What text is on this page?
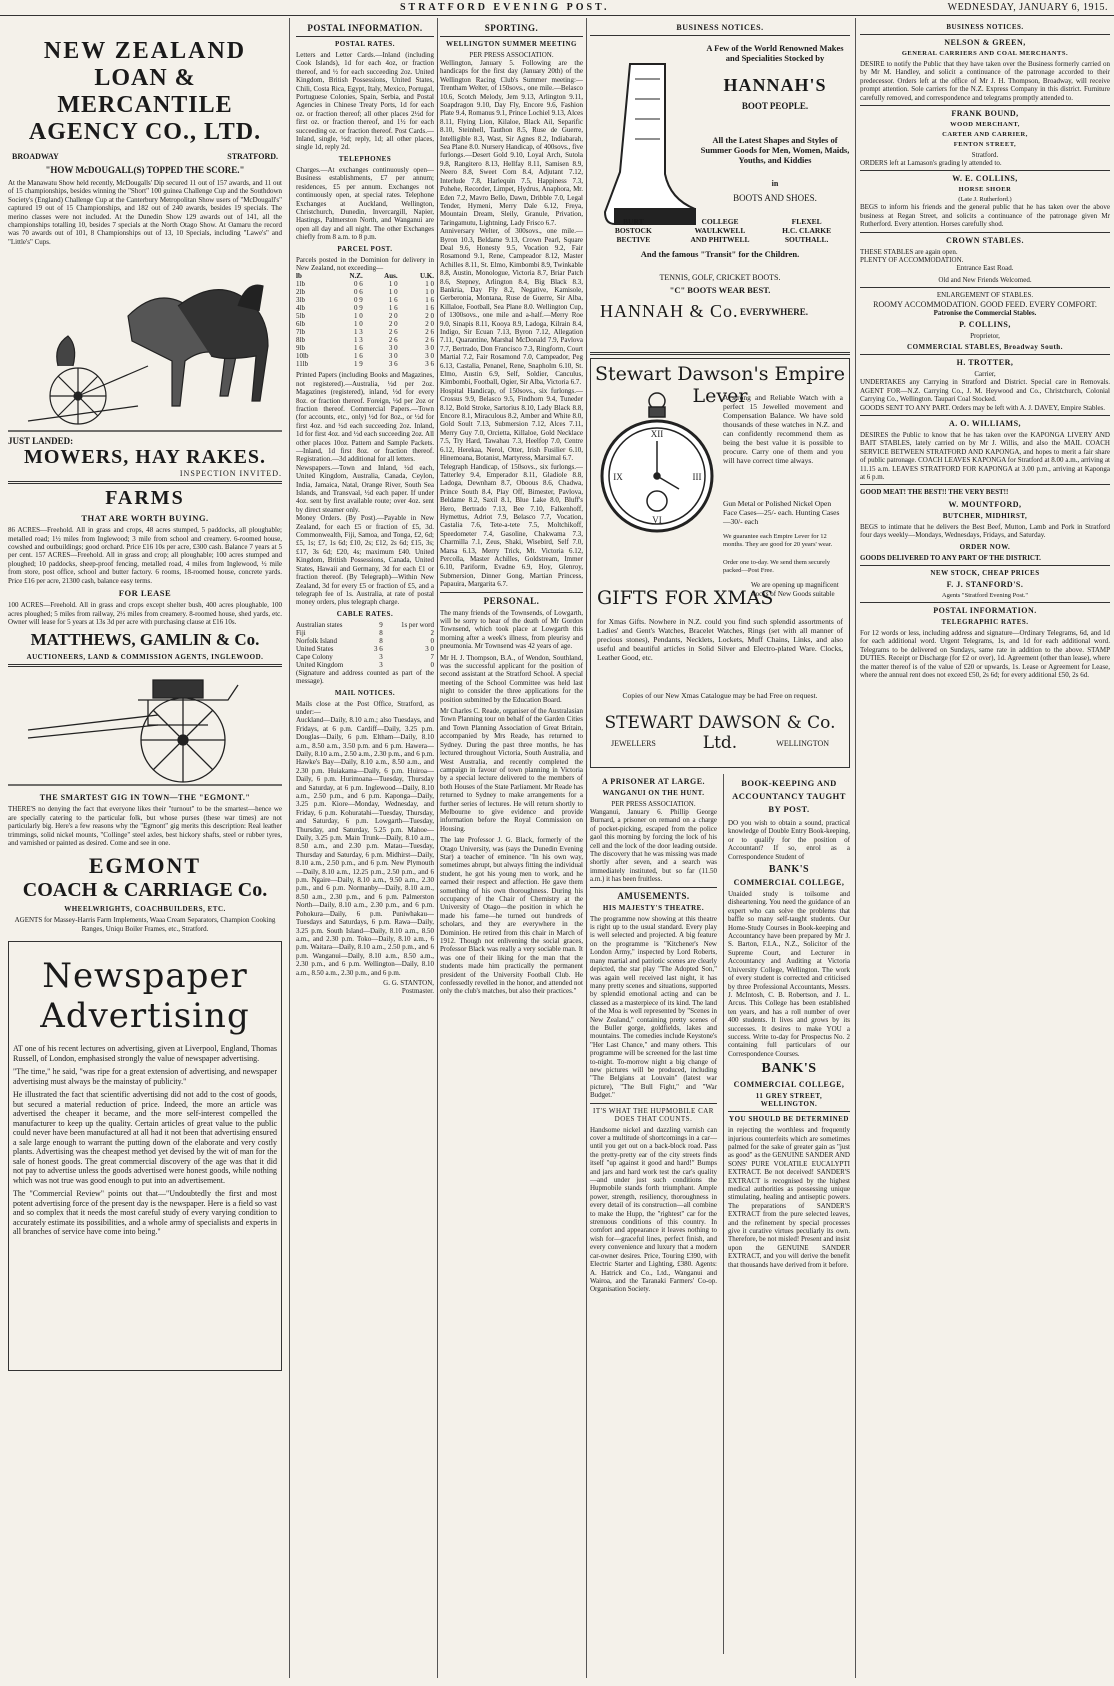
STRATFORD EVENING POST.	WEDNESDAY, JANUARY 6, 1915.
NEW ZEALAND
LOAN & MERCANTILE
AGENCY CO., LTD.
BROADWAY	STRATFORD.
"HOW McDOUGALL(S) TOPPED THE SCORE."
At the Manawatu Show held recently, McDougalls' Dip secured 11 out of 157 awards, and 11 out of 15 championships, besides winning the "Short" 100 guinea Challenge Cup and the Southdown Society's (England) Challenge Cup at the Canterbury Metropolitan Show users of "McDougall's" captured 19 out of 15 Championships, and 182 out of 240 awards, besides 19 specials. The merino classes were not included. At the Dunedin Show 129 awards out of 141, all the championships totalling 10, besides 7 specials at the North Otago Show. At Oamaru the record was 70 awards out of 101, 8 Championships out of 13, 10 Specials, including "Lawe's" and "Little's" Cups.
JUST LANDED:
MOWERS, HAY RAKES.
INSPECTION INVITED.
FARMS
THAT ARE WORTH BUYING.
86 ACRES—Freehold. All in grass and crops, 48 acres stumped, 5 paddocks, all ploughable; metalled road; 1½ miles from Inglewood; 3 mile from school and creamery. 6-roomed house, cowshed and outbuildings; good orchard. Price £16 10s per acre, £300 cash. Balance 7 years at 5 per cent. 157 ACRES—Freehold. All in grass and crop; all ploughable; 100 acres stumped and ploughed; 10 paddocks, sheep-proof fencing, metalled road, 4 miles from Inglewood, ½ mile from store, post office, school and butter factory. 6 rooms, 18-roomed house, concrete yards. Price £16 per acre, 21300 cash, balance easy terms.
FOR LEASE
100 ACRES—Freehold. All in grass and crops except shelter bush, 400 acres ploughable, 100 acres ploughed; 5 miles from railway, 2½ miles from creamery. 8-roomed house, shed yards, etc. Owner will lease for 5 years at 13s 3d per acre with purchasing clause at £16 10s.
MATTHEWS, GAMLIN & Co.
AUCTIONEERS, LAND & COMMISSION AGENTS, INGLEWOOD.
THE SMARTEST GIG IN TOWN—THE "EGMONT."
THERE'S no denying the fact that everyone likes their "turnout" to be the smartest—hence we are specially catering to the particular folk, but whose purses (these war times) are not particularly big. Here's a few reasons why the "Egmont" gig merits this description: Real leather trimmings, solid nickel mounts, "Collinge" steel axles, best hickory shafts, steel or rubber tyres, and varnished or painted as desired. Come and see in one.
EGMONT
COACH & CARRIAGE Co.
WHEELWRIGHTS, COACHBUILDERS, ETC.
AGENTS for Massey-Harris Farm Implements, Waaa Cream Separators, Champion Cooking Ranges, Uniqu Boiler Frames, etc., Stratford.
Newspaper
Advertising
AT one of his recent lectures on advertising, given at Liverpool, England, Thomas Russell, of London, emphasised strongly the value of newspaper advertising.
"The time," he said, "was ripe for a great extension of advertising, and newspaper advertising must always be the mainstay of publicity."
He illustrated the fact that scientific advertising did not add to the cost of goods, but secured a material reduction of price. Indeed, the more an article was advertised the cheaper it became, and the more self-interest compelled the manufacturer to keep up the quality. Certain articles of great value to the public could never have been manufactured at all had it not been that advertising ensured a sale large enough to warrant the putting down of the elaborate and very costly plants. Advertising was the cheapest method yet devised by the wit of man for the sale of honest goods. The great commercial discovery of the age was that it did not pay to advertise unless the goods advertised were honest goods, while nothing which was not true was good enough to put into an advertisement.
The "Commercial Review" points out that—"Undoubtedly the first and most potent advertising force of the present day is the newspaper. Here is a field so vast and so complex that it needs the most careful study of every varying condition to accurately estimate its possibilities, and a whole army of specialists and experts in all branches of service have come into being."
POSTAL INFORMATION.
POSTAL RATES.
Letters and Letter Cards.—Inland (including Cook Islands), 1d for each 4oz, or fraction thereof, and ½ for each succeeding 2oz. United Kingdom, British Possessions, United States, Chili, Costa Rica, Egypt, Italy, Mexico, Portugal, Portuguese Colonies, Spain, Serbia, and Postal Agencies in Chinese Treaty Ports, 1d for each oz. or fraction thereof; all other places 2½d for first oz. or fraction thereof, and 1½ for each succeeding oz. or fraction thereof. Post Cards.—Inland, single, ½d; reply, 1d; all other places, single 1d, reply 2d.
TELEPHONES
Charges.—At exchanges continuously open—Business establishments, £7 per annum; residences, £5 per annum. Exchanges not continuously open, at special rates. Telephone Exchanges at Auckland, Wellington, Christchurch, Dunedin, Invercargill, Napier, Hastings, Palmerston North, and Wanganui are open all day and all night. The other Exchanges chiefly from 8 a.m. to 8 p.m.
PARCEL POST.
Parcels posted in the Dominion for delivery in New Zealand, not exceeding—
lb	N.Z.	Aus.	U.K.
1lb	0 6	1 0	1 0
2lb	0 6	1 0	1 0
3lb	0 9	1 6	1 6
4lb	0 9	1 6	1 6
5lb	1 0	2 0	2 0
6lb	1 0	2 0	2 0
7lb	1 3	2 6	2 6
8lb	1 3	2 6	2 6
9lb	1 6	3 0	3 0
10lb	1 6	3 0	3 0
11lb	1 9	3 6	3 6
Printed Papers (including Books and Magazines, not registered).—Australia, ½d per 2oz. Magazines (registered), inland, ½d for every 8oz. or fraction thereof. Foreign, ½d per 2oz or fraction thereof. Commercial Papers.—Town (for accounts, etc., only) ½d for 8oz., or ½d for first 4oz. and ½d each succeeding 2oz. Inland, 1d for first 4oz. and ½d each succeeding 2oz. All other places 10oz. Pattern and Sample Packets.—Inland, 1d first 8oz. or fraction thereof. Registration.—3d additional for all letters.
Newspapers.—Town and Inland, ½d each, United Kingdom, Australia, Canada, Ceylon, India, Jamaica, Natal, Orange River, South Sea Islands, and Transvaal, ½d each paper. If under 4oz. sent by first available route; over 4oz. sent by direct steamer only.
Money Orders. (By Post).—Payable in New Zealand, for each £5 or fraction of £5, 3d. Commonwealth, Fiji, Samoa, and Tonga, £2, 6d; £5, 1s; £7, 1s 6d; £10, 2s; £12, 2s 6d; £15, 3s; £17, 3s 6d; £20, 4s; maximum £40. United Kingdom, British Possessions, Canada, United States, Hawaii and Germany, 3d for each £1 or fraction thereof. (By Telegraph)—Within New Zealand, 3d for every £5 or fraction of £5, and a telegraph fee of 1s. Australia, at rate of postal money orders, plus telegraph charge.
CABLE RATES.
Australian states	9	1s per word
Fiji	8	2
Norfolk Island	8	0
United States	3 6	3 0
Cape Colony	3	7
United Kingdom	3	0
(Signature and address counted as part of the message).
MAIL NOTICES.
Mails close at the Post Office, Stratford, as under:—
Auckland—Daily, 8.10 a.m.; also Tuesdays, and Fridays, at 6 p.m. Cardiff—Daily, 3.25 p.m. Douglas—Daily, 6 p.m. Eltham—Daily, 8.10 a.m., 8.50 a.m., 3.50 p.m. and 6 p.m. Hawera—Daily, 8.10 a.m., 2.50 a.m., 2.30 p.m., and 6 p.m. Hawke's Bay—Daily, 8.10 a.m., 8.50 a.m., and 2.30 p.m. Huiakama—Daily, 6 p.m. Huiroa—Daily, 6 p.m. Hurimoana—Tuesday, Thursday and Saturday, at 6 p.m. Inglewood—Daily, 8.10 a.m., 2.50 p.m., and 6 p.m. Kaponga—Daily, 3.25 p.m. Kiore—Monday, Wednesday, and Friday, 6 p.m. Kohuratahi—Tuesday, Thursday, and Saturday, 6 p.m. Lowgarth—Tuesday, Thursday, and Saturday, 5.25 p.m. Mahoe—Daily, 3.25 p.m. Main Trunk—Daily, 8.10 a.m., 8.50 a.m., and 2.30 p.m. Matau—Tuesday, Thursday and Saturday, 6 p.m. Midhirst—Daily, 8.10 a.m., 2.50 p.m., and 6 p.m. New Plymouth—Daily, 8.10 a.m., 12.25 p.m., 2.50 p.m., and 6 p.m. Ngaire—Daily, 8.10 a.m., 9.50 a.m., 2.30 p.m., and 6 p.m. Normanby—Daily, 8.10 a.m., 8.50 a.m., 2.30 p.m., and 6 p.m. Palmerston North—Daily, 8.10 a.m., 2.30 p.m., and 6 p.m. Pohokura—Daily, 6 p.m. Puniwhakau—Tuesdays and Saturdays, 6 p.m. Rawa—Daily, 3.25 p.m. South Island—Daily, 8.10 a.m., 8.50 a.m., and 2.30 p.m. Toko—Daily, 8.10 a.m., 6 p.m. Waitara—Daily, 8.10 a.m., 2.50 p.m., and 6 p.m. Wanganui—Daily, 8.10 a.m., 8.50 a.m., 2.30 p.m., and 6 p.m. Wellington—Daily, 8.10 a.m., 8.50 a.m., 2.30 p.m., and 6 p.m.
G. G. STANTON,
Postmaster.
SPORTING.
WELLINGTON SUMMER MEETING
PER PRESS ASSOCIATION.
Wellington, January 5. Following are the handicaps for the first day (January 20th) of the Wellington Racing Club's Summer meeting:— Trentham Welter, of 150sovs., one mile.—Belasco 10.6, Scotch Melody, Jem 9.13, Arlington 9.11, Soapdragon 9.10, Day Fly, Encore 9.6, Fashion Plate 9.4, Romanus 9.1, Prince Lochiel 9.13, Alces 8.11, Flying Lion, Kilaloe, Black Ail, Separific 8.10, Steinhell, Tauthon 8.5, Ruse de Guerre, Intelligible 8.3, Wast, Sir Agnes 8.2, Indiabarah, Sea Plane 8.0. Nursery Handicap, of 400sovs., five furlongs.—Desert Gold 9.10, Loyal Arch, Sutola 9.8, Rangitero 8.13, Hellfay 8.11, Samisen 8.9, Neero 8.8, Sweet Corn 8.4, Adjutant 7.12, Interlude 7.8, Harlequin 7.5, Happiness 7.3, Pohehe, Recorder, Limpet, Hydrus, Anaphora, Mr. Eden 7.2, Mavro Bello, Dawn, Dribble 7.0, Legal Tender, Hymeni, Merry Dale 6.12, Freya, Mountain Dream, Sleily, Granule, Privation, Taringamutu, Lightning, Lady Frisco 6.7.
Anniversary Welter, of 300sovs., one mile.—Byron 10.3, Beldame 9.13, Crown Pearl, Square Deal 9.6, Honesty 9.5, Vocation 9.2, Fair Rosamond 9.1, Rene, Campeador 8.12, Master Achilles 8.11, St. Elmo, Kimbombi 8.9, Twinkable 8.8, Austin, Monologue, Victoria 8.7, Briar Patch 8.6, Stepney, Arlington 8.4, Big Black 8.3, Bankria, Day Fly 8.2, Negative, Kamisole, Gerberonia, Montana, Ruse de Guerre, Sir Alba, Killaloe, Football, Sea Plane 8.0. Wellington Cup, of 1300sovs., one mile and a-half.—Merry Roe 9.0, Sinapis 8.11, Kooya 8.9, Ladoga, Kilrain 8.4, Indigo, Sir Ecuan 7.13, Byron 7.12, Allegation 7.11, Quarantine, Marshal McDonald 7.9, Pavlova 7.7, Bertrado, Don Francisco 7.3, Ringform, Court Martial 7.2, Fair Rosamond 7.0, Campeador, Peg 6.13, Castalia, Penanel, Rene, Snapholm 6.10, St. Elmo, Austin 6.9, Self, Soldier, Canculus, Kimbombi, Football, Ogier, Sir Alba, Victoria 6.7.
Hospital Handicap, of 150sovs., six furlongs.—Crossus 9.9, Belasco 9.5, Findhorn 9.4, Tuneder 8.12, Bold Stroke, Sartorius 8.10, Lady Black 8.8, Encore 8.1, Miraculous 8.2, Amber and White 8.0, Gold Soult 7.13, Submersion 7.12, Alces 7.11, Merry Guy 7.0, Orcietta, Killaloe, Gold Necklace 7.5, Try Hard, Tawahau 7.3, Heelfop 7.0, Centre 6.12, Herekaa, Nerol, Otter, Irish Fusilier 6.10, Hinemoana, Botanist, Martyress, Marsimal 6.7.
Telegraph Handicap, of 150sovs., six furlongs.—Tatterley 9.4, Emperador 8.11, Gladiole 8.8, Ladoga, Dewnham 8.7, Oboous 8.6, Chadwa, Prince South 8.4, Play Off, Bimester, Pavlova, Beldame 8.2, Saxil 8.1, Blue Lake 8.0, Bluff's Hero, Bertrado 7.13, Bee 7.10, Falkenhoff, Hymettus, Adriot 7.9, Belasco 7.7, Vocation, Castalia 7.6, Tete-a-tete 7.5, Moltchikoff, Speedometer 7.4, Gasoline, Chakwama 7.3, Charmilla 7.1, Zeus, Shaki, Wisebird, Self 7.0, Marsa 6.13, Merry Trick, Mt. Victoria 6.12, Percolla, Master Achilles, Goldstream, Immer 6.10, Pariform, Evadne 6.9, Hoy, Glenroy, Submersion, Dinner Gong, Martian Princess, Papauira, Margarita 6.7.
PERSONAL.
The many friends of the Townsends, of Lowgarth, will be sorry to hear of the death of Mr Gordon Townsend, which took place at Lowgarth this morning after a week's illness, from pleurisy and pneumonia. Mr Townsend was 42 years of age.
Mr H. J. Thompson, B.A., of Wendon, Southland, was the successful applicant for the position of second assistant at the Stratford School. A special meeting of the School Committee was held last night to consider the three applications for the position submitted by the Education Board.
Mr Charles C. Reade, organiser of the Australasian Town Planning tour on behalf of the Garden Cities and Town Planning Association of Great Britain, accompanied by Mrs Reade, has returned to Sydney. During the past three months, he has lectured throughout Victoria, South Australia, and West Australia, and recently completed the campaign in favour of town planning in Victoria by a special lecture delivered to the members of both Houses of the State Parliament. Mr Reade has returned to Sydney to make arrangements for a further series of lectures. He will return shortly to Melbourne to give evidence and provide information before the Royal Commission on Housing.
The late Professor J. G. Black, formerly of the Otago University, was (says the Dunedin Evening Star) a teacher of eminence. "In his own way, sometimes abrupt, but always fitting the individual student, he got his young men to work, and he earned their respect and affection. He gave them something of his own thoroughness. During his occupancy of the Chair of Chemistry at the University of Otago—the position in which he made his fame—he turned out hundreds of scholars, and they are everywhere in the Dominion. He retired from this chair in March of 1912. Though not enlivening the social graces, Professor Black was really a very sociable man. It was one of their liking for the man that the students made him practically the permanent president of the University Football Club. He confessedly revelled in the honor, and attended not only the club's matches, but also their practices."
BUSINESS NOTICES.
A Few of the World Renowned Makes and Specialities Stocked by
HANNAH'S
BOOT PEOPLE.
All the Latest Shapes and Styles of Summer Goods for Men, Women, Maids, Youths, and Kiddies
in
BOOTS AND SHOES.
BURT	COLLEGE	FLEXEL
BOSTOCK	WAULKWELL	H.C. CLARKE
BECTIVE	AND PHITWELL	SOUTHALL.
And the famous "Transit" for the Children.
TENNIS, GOLF, CRICKET BOOTS.
"C" BOOTS WEAR BEST.
HANNAH & Co. EVERYWHERE.
Stewart Dawson's Empire Lever
XII
III
VI
IX
A strong and Reliable Watch with a perfect 15 Jewelled movement and Compensation Balance. We have sold thousands of these watches in N.Z. and can confidently recommend them as being the best value it is possible to procure. Carry one of them and you will have correct time always.
Gun Metal or Polished Nickel Open Face Cases—25/- each. Hunting Cases—30/- each
We guarantee each Empire Lever for 12 months. They are good for 20 years' wear.
Order one to-day. We send them securely packed—Post Free.
GIFTS FOR XMAS
We are opening up magnificent stocks of New Goods suitable
for Xmas Gifts. Nowhere in N.Z. could you find such splendid assortments of Ladies' and Gent's Watches, Bracelet Watches, Rings (set with all manner of precious stones), Pendants, Necklets, Lockets, Muff Chains, Links, and also useful and beautiful articles in Solid Silver and Electro-plated Ware. Clocks, Leather Good, etc.
Copies of our New Xmas Catalogue may be had Free on request.
STEWART DAWSON & Co. Ltd.
JEWELLERS	WELLINGTON
A PRISONER AT LARGE.
WANGANUI ON THE HUNT.
PER PRESS ASSOCIATION.
Wanganui, January 6. Phillip George Burnard, a prisoner on remand on a charge of pocket-picking, escaped from the police gaol this morning by forcing the lock of his cell and the lock of the door leading outside. The discovery that he was missing was made shortly after seven, and a search was immediately instituted, but so far (11.50 a.m.) it has been fruitless.
AMUSEMENTS.
HIS MAJESTY'S THEATRE.
The programme now showing at this theatre is right up to the usual standard. Every play is well selected and projected. A big feature on the programme is "Kitchener's New London Army," inspected by Lord Roberts, many martial and patriotic scenes are clearly depicted, the star play "The Adopted Son," was again well received last night, it has many pretty scenes and situations, supported by splendid emotional acting and can be classed as a masterpiece of its kind. The land of the Moa is well represented by "Scenes in New Zealand," containing pretty scenes of the Buller gorge, goldfields, lakes and mountains. The comedies include Keystone's "Her Last Chance," and many others. This programme will be screened for the last time to-night. To-morrow night a big change of new pictures will be produced, including "The Belgians at Louvain" (latest war picture), "The Bull Fight," and "War Budget."
IT'S WHAT THE HUPMOBILE CAR DOES THAT COUNTS.
Handsome nickel and dazzling varnish can cover a multitude of shortcomings in a car—until you get out on a back-block road. Pass the pretty-pretty ear of the city streets finds itself "up against it good and hard!" Bumps and jars and hard work test the car's quality—and under just such conditions the Hupmobile stands forth triumphant. Ample power, strength, resiliency, thoroughness in every detail of its construction—all combine to make the Hupp, the "rightest" car for the strenuous conditions of this country. In comfort and appearance it leaves nothing to wish for—graceful lines, perfect finish, and every convenience and luxury that a modern car-owner desires. Price, Touring £390, with Electric Starter and Lighting, £380. Agents: A. Hatrick and Co., Ltd., Wanganui and Wairoa, and the Taranaki Farmers' Co-op. Organisation Society.
BOOK-KEEPING AND ACCOUNTANCY TAUGHT BY POST.
DO you wish to obtain a sound, practical knowledge of Double Entry Book-keeping, or to qualify for the position of Accountant? If so, enrol as a Correspondence Student of
BANK'S
COMMERCIAL COLLEGE,
Unaided study is toilsome and disheartening. You need the guidance of an expert who can solve the problems that baffle so many self-taught students. Our Home-Study Courses in Book-keeping and Accountancy have been prepared by Mr J. S. Barton, F.I.A., N.Z., Solicitor of the Supreme Court, and Lecturer in Accountancy and Auditing at Victoria University College, Wellington. The work of every student is corrected and criticised by three Professional Accountants, Messrs. J. McIntosh, C. B. Robertson, and J. L. Arcus. This College has been established ten years, and has a roll number of over 400 students. It lives and grows by its successes. It desires to make YOU a success. Write to-day for Prospectus No. 2 containing full particulars of our Correspondence Courses.
BANK'S
COMMERCIAL COLLEGE,
11 GREY STREET, WELLINGTON.
YOU SHOULD BE DETERMINED
in rejecting the worthless and frequently injurious counterfeits which are sometimes palmed for the sake of greater gain as "just as good" as the GENUINE SANDER AND SONS' PURE VOLATILE EUCALYPTI EXTRACT. Be not deceived! SANDER'S EXTRACT is recognised by the highest medical authorities as possessing unique stimulating, healing and antiseptic powers. The preparations of SANDER'S EXTRACT from the pure selected leaves, and the refinement by special processes give it curative virtues peculiarly its own. Therefore, be not misled! Present and insist upon the GENUINE SANDER EXTRACT, and you will derive the benefit that thousands have derived from it before.
BUSINESS NOTICES.
NELSON & GREEN,
GENERAL CARRIERS AND COAL MERCHANTS.
DESIRE to notify the Public that they have taken over the Business formerly carried on by Mr M. Handley, and solicit a continuance of the patronage accorded to their predecessor. Orders left at the office of Mr J. H. Thompson, Broadway, will receive prompt attention. Sole carriers for the N.Z. Express Company in this district. Furniture carefully removed, and correspondence and telegrams promptly attended to.
FRANK BOUND,
WOOD MERCHANT,
CARTER AND CARRIER,
FENTON STREET,
Stratford.
ORDERS left at Lamason's grading ly attended to.
W. E. COLLINS,
HORSE SHOER
(Late J. Rutherford.)
BEGS to inform his friends and the general public that he has taken over the above business at Regan Street, and solicits a continuance of the patronage given Mr Rutherford. Every attention. Horses carefully shod.
CROWN STABLES.
THESE STABLES are again open.
PLENTY OF ACCOMMODATION.
Entrance East Road.
Old and New Friends Welcomed.
ENLARGEMENT OF STABLES.
ROOMY ACCOMMODATION. GOOD FEED. EVERY COMFORT.
Patronise the Commercial Stables.
P. COLLINS,
Proprietor,
COMMERCIAL STABLES, Broadway South.
H. TROTTER,
Carrier,
UNDERTAKES any Carrying in Stratford and District. Special care in Removals. AGENT FOR—N.Z. Carrying Co., J. M. Heywood and Co., Christchurch, Colonial Carrying Co., Wellington. Taupari Coal Stocked.
GOODS SENT TO ANY PART. Orders may be left with A. J. DAVEY, Empire Stables.
A. O. WILLIAMS,
DESIRES the Public to know that he has taken over the KAPONGA LIVERY AND BAIT STABLES, lately carried on by Mr J. Willis, and also the MAIL COACH SERVICE BETWEEN STRATFORD AND KAPONGA, and hopes to merit a fair share of public patronage. COACH LEAVES KAPONGA for Stratford at 8.00 a.m., arriving at 11.15 a.m. LEAVES STRATFORD FOR KAPONGA at 3.00 p.m., arriving at Kaponga at 6 p.m.
GOOD MEAT! THE BEST!! THE VERY BEST!!
W. MOUNTFORD,
BUTCHER, MIDHIRST,
BEGS to intimate that he delivers the Best Beef, Mutton, Lamb and Pork in Stratford four days weekly—Mondays, Wednesdays, Fridays, and Saturday.
ORDER NOW.
GOODS DELIVERED TO ANY PART OF THE DISTRICT.
NEW STOCK, CHEAP PRICES
F. J. STANFORD'S.
Agents "Stratford Evening Post."
POSTAL INFORMATION.
TELEGRAPHIC RATES.
For 12 words or less, including address and signature—Ordinary Telegrams, 6d, and 1d for each additional word. Urgent Telegrams, 1s, and 1d for each additional word. Telegrams to be delivered on Sundays, same rate in addition to the above. STAMP DUTIES. Receipt or Discharge (for £2 or over), 1d. Agreement (other than lease), where the matter thereof is of the value of £20 or upwards, 1s. Lease or Agreement for Lease, where the annual rent does not exceed £50, 2s 6d; for every additional £50, 2s 6d.
